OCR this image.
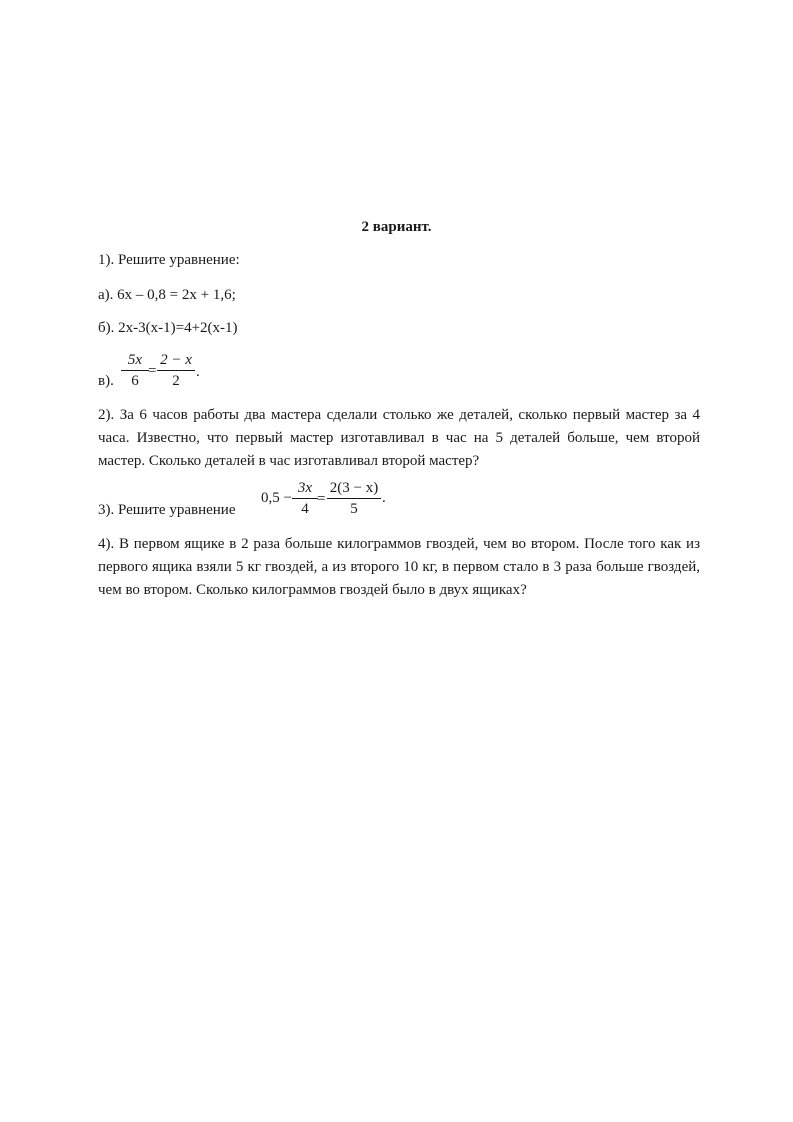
2 вариант.
1). Решите уравнение:
а). 6х – 0,8 = 2х + 1,6;
б). 2х-3(х-1)=4+2(х-1)
в).
5x
6
=
2 − x
2
.
2). За 6 часов работы два мастера сделали столько же деталей, сколько первый мастер за 4 часа. Известно, что первый мастер изготавливал в час на 5 деталей больше, чем второй мастер. Сколько деталей в час изготавливал второй мастер?
3). Решите уравнение
0,5 −
3x
4
=
2(3 − x)
5
.
4). В первом ящике в 2 раза больше килограммов гвоздей, чем во втором. После того как из первого ящика взяли 5 кг гвоздей, а из второго 10 кг, в первом стало в 3 раза больше гвоздей, чем во втором. Сколько килограммов гвоздей было в двух ящиках?
